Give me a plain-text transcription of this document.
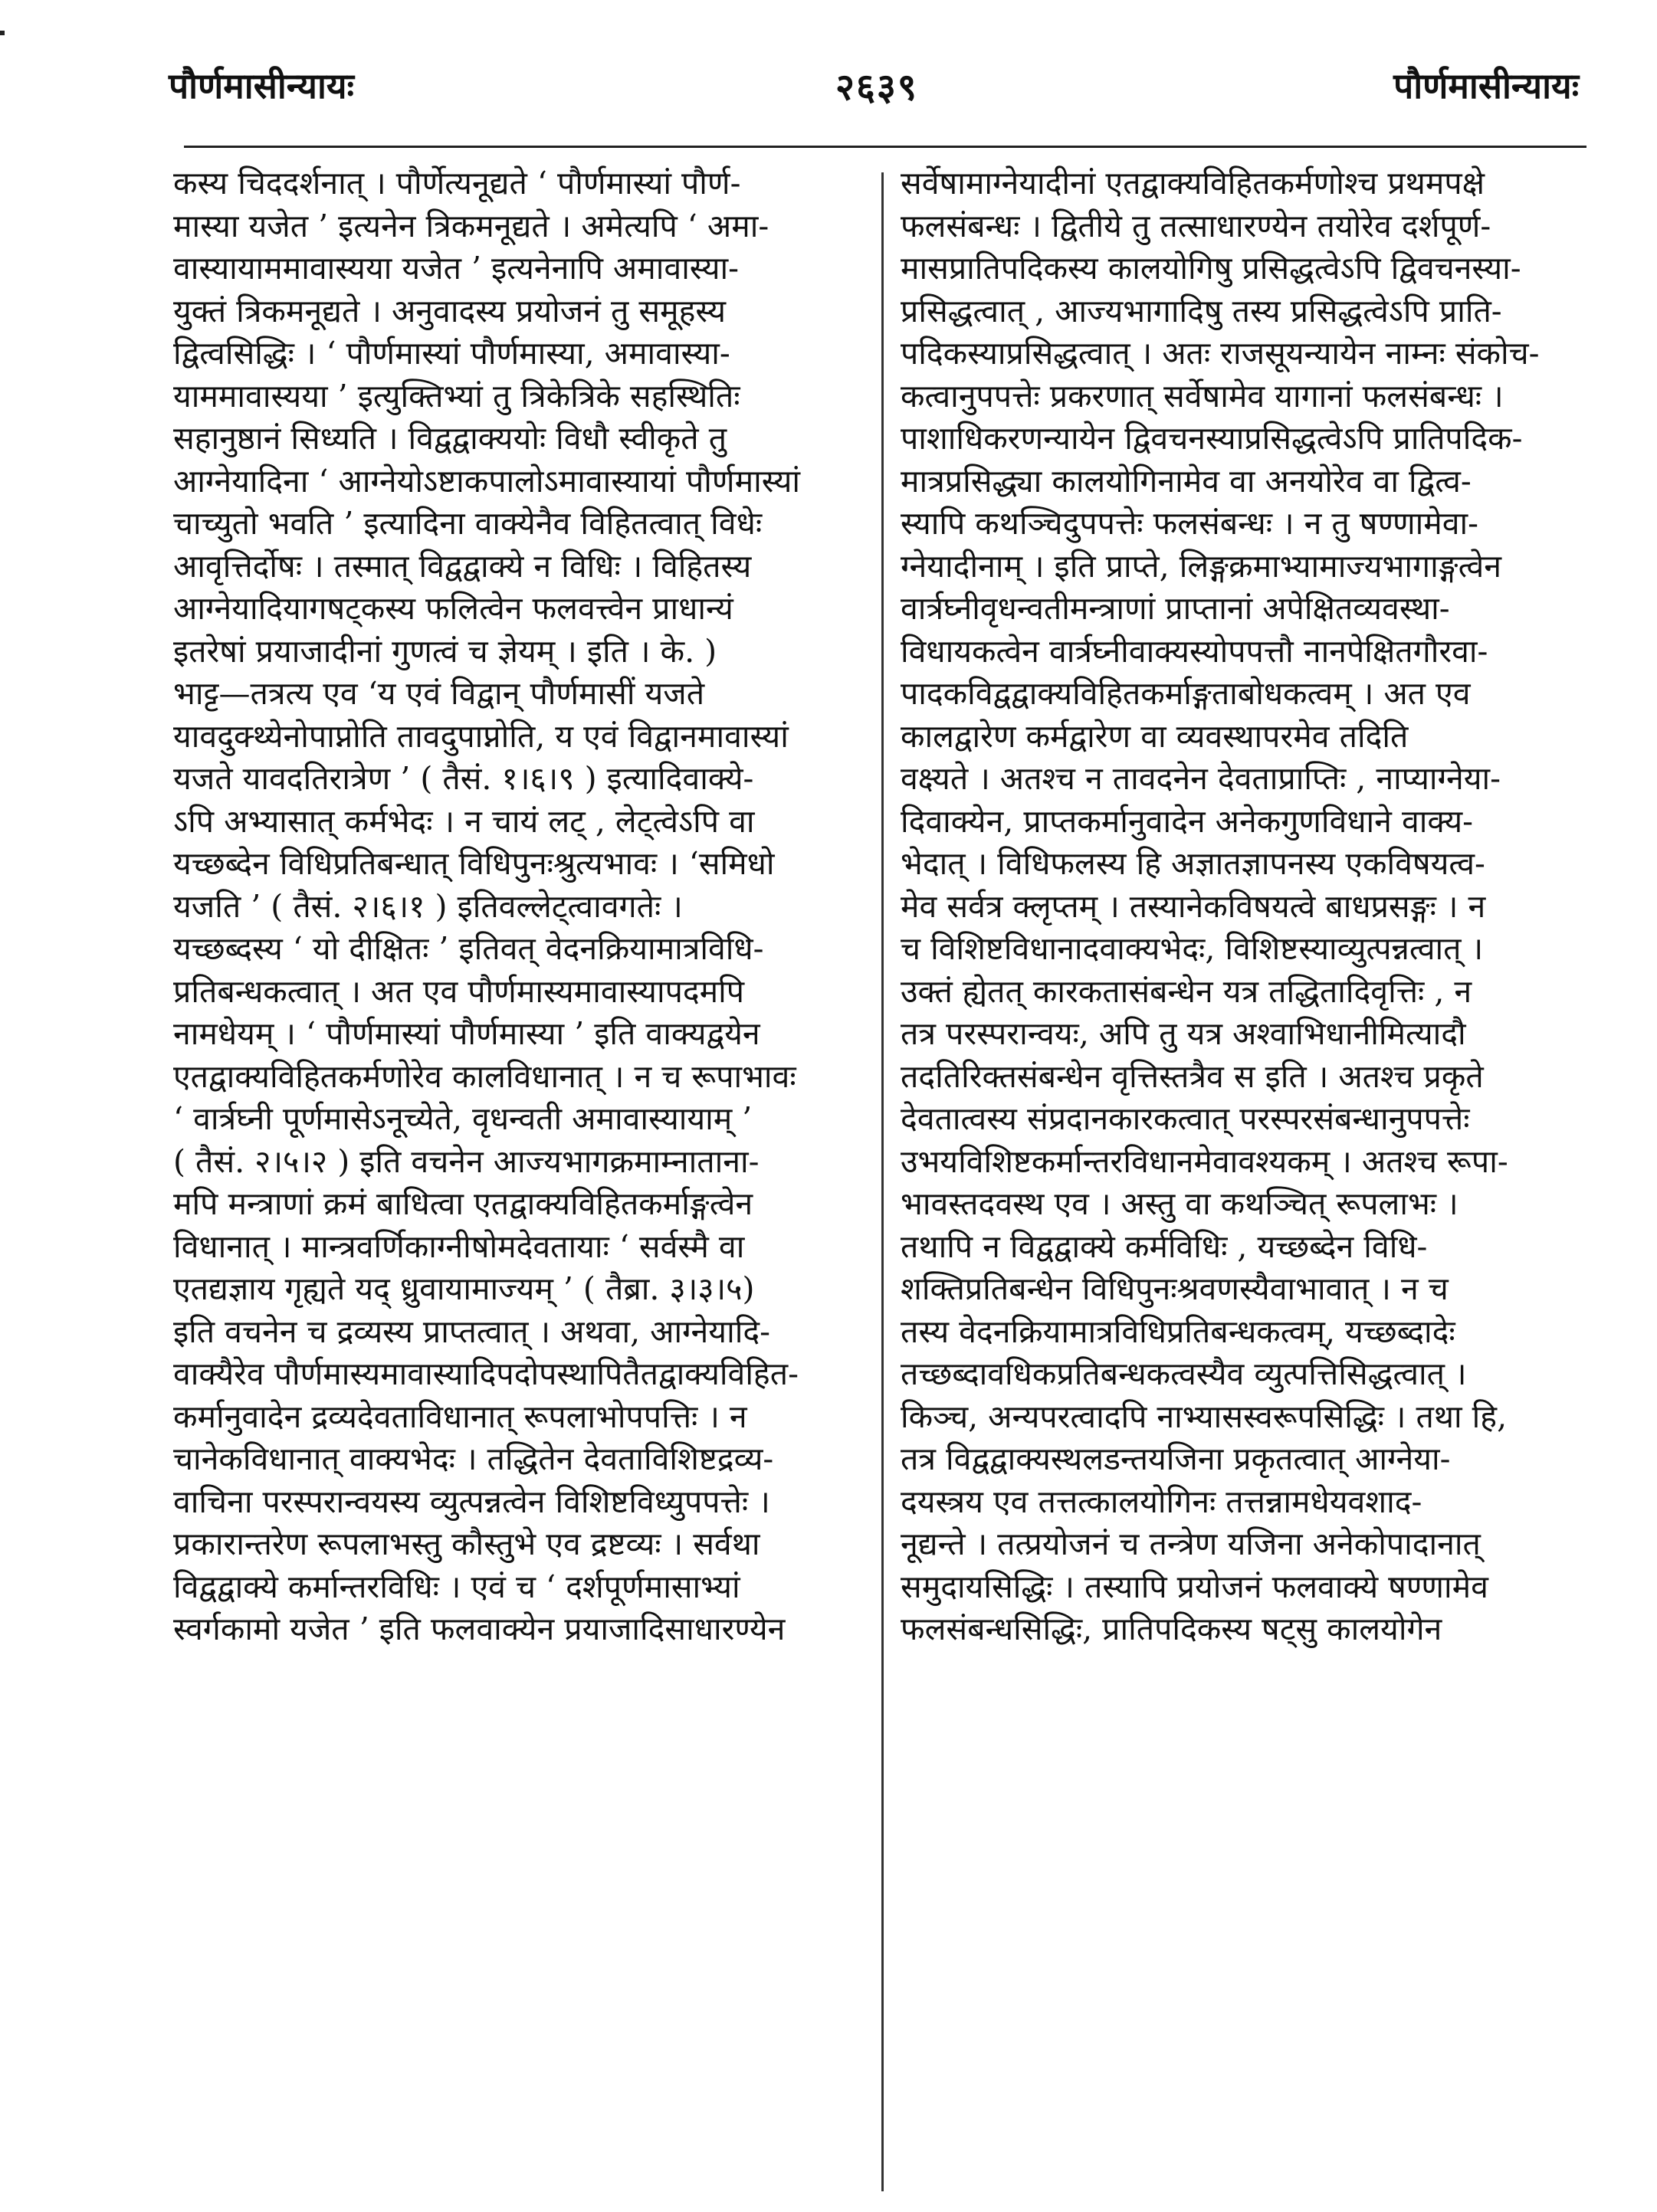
पौर्णमासीन्यायः	२६३९	पौर्णमासीन्यायः
कस्य चिददर्शनात् । पौर्णेत्यनूद्यते ‘ पौर्णमास्यां पौर्ण-
मास्या यजेत ’ इत्यनेन त्रिकमनूद्यते । अमेत्यपि ‘ अमा-
वास्यायाममावास्यया यजेत ’ इत्यनेनापि अमावास्या-
युक्तं त्रिकमनूद्यते । अनुवादस्य प्रयोजनं तु समूहस्य
द्वित्वसिद्धिः । ‘ पौर्णमास्यां पौर्णमास्या, अमावास्या-
याममावास्यया ’ इत्युक्तिभ्यां तु त्रिकेत्रिके सहस्थितिः
सहानुष्ठानं सिध्यति । विद्वद्वाक्ययोः विधौ स्वीकृते तु
आग्नेयादिना ‘ आग्नेयोऽष्टाकपालोऽमावास्यायां पौर्णमास्यां
चाच्युतो भवति ’ इत्यादिना वाक्येनैव विहितत्वात् विधेः
आवृत्तिर्दोषः । तस्मात् विद्वद्वाक्ये न विधिः । विहितस्य
आग्नेयादियागषट्कस्य फलित्वेन फलवत्त्वेन प्राधान्यं
इतरेषां प्रयाजादीनां गुणत्वं च ज्ञेयम् । इति । के. )
भाट्ट—तत्रत्य एव ‘य एवं विद्वान् पौर्णमासीं यजते
यावदुक्थ्येनोपाप्नोति तावदुपाप्नोति, य एवं विद्वानमावास्यां
यजते यावदतिरात्रेण ’ ( तैसं. १।६।९ ) इत्यादिवाक्ये-
ऽपि अभ्यासात् कर्मभेदः । न चायं लट् , लेट्त्वेऽपि वा
यच्छब्देन विधिप्रतिबन्धात् विधिपुनःश्रुत्यभावः । ‘समिधो
यजति ’ ( तैसं. २।६।१ ) इतिवल्लेट्त्वावगतेः ।
यच्छब्दस्य ‘ यो दीक्षितः ’ इतिवत् वेदनक्रियामात्रविधि-
प्रतिबन्धकत्वात् । अत एव पौर्णमास्यमावास्यापदमपि
नामधेयम् । ‘ पौर्णमास्यां पौर्णमास्या ’ इति वाक्यद्वयेन
एतद्वाक्यविहितकर्मणोरेव कालविधानात् । न च रूपाभावः
‘ वार्त्रघ्नी पूर्णमासेऽनूच्येते, वृधन्वती अमावास्यायाम् ’
( तैसं. २।५।२ ) इति वचनेन आज्यभागक्रमाम्नाताना-
मपि मन्त्राणां क्रमं बाधित्वा एतद्वाक्यविहितकर्माङ्गत्वेन
विधानात् । मान्त्रवर्णिकाग्नीषोमदेवतायाः ‘ सर्वस्मै वा
एतद्यज्ञाय गृह्यते यद् ध्रुवायामाज्यम् ’ ( तैब्रा. ३।३।५)
इति वचनेन च द्रव्यस्य प्राप्तत्वात् । अथवा, आग्नेयादि-
वाक्यैरेव पौर्णमास्यमावास्यादिपदोपस्थापितैतद्वाक्यविहित-
कर्मानुवादेन द्रव्यदेवताविधानात् रूपलाभोपपत्तिः । न
चानेकविधानात् वाक्यभेदः । तद्धितेन देवताविशिष्टद्रव्य-
वाचिना परस्परान्वयस्य व्युत्पन्नत्वेन विशिष्टविध्युपपत्तेः ।
प्रकारान्तरेण रूपलाभस्तु कौस्तुभे एव द्रष्टव्यः । सर्वथा
विद्वद्वाक्ये कर्मान्तरविधिः । एवं च ‘ दर्शपूर्णमासाभ्यां
स्वर्गकामो यजेत ’ इति फलवाक्येन प्रयाजादिसाधारण्येन
सर्वेषामाग्नेयादीनां एतद्वाक्यविहितकर्मणोश्च प्रथमपक्षे
फलसंबन्धः । द्वितीये तु तत्साधारण्येन तयोरेव दर्शपूर्ण-
मासप्रातिपदिकस्य कालयोगिषु प्रसिद्धत्वेऽपि द्विवचनस्या-
प्रसिद्धत्वात् , आज्यभागादिषु तस्य प्रसिद्धत्वेऽपि प्राति-
पदिकस्याप्रसिद्धत्वात् । अतः राजसूयन्यायेन नाम्नः संकोच-
कत्वानुपपत्तेः प्रकरणात् सर्वेषामेव यागानां फलसंबन्धः ।
पाशाधिकरणन्यायेन द्विवचनस्याप्रसिद्धत्वेऽपि प्रातिपदिक-
मात्रप्रसिद्ध्या कालयोगिनामेव वा अनयोरेव वा द्वित्व-
स्यापि कथञ्चिदुपपत्तेः फलसंबन्धः । न तु षण्णामेवा-
ग्नेयादीनाम् । इति प्राप्ते, लिङ्गक्रमाभ्यामाज्यभागाङ्गत्वेन
वार्त्रघ्नीवृधन्वतीमन्त्राणां प्राप्तानां अपेक्षितव्यवस्था-
विधायकत्वेन वार्त्रघ्नीवाक्यस्योपपत्तौ नानपेक्षितगौरवा-
पादकविद्वद्वाक्यविहितकर्माङ्गताबोधकत्वम् । अत एव
कालद्वारेण कर्मद्वारेण वा व्यवस्थापरमेव तदिति
वक्ष्यते । अतश्च न तावदनेन देवताप्राप्तिः , नाप्याग्नेया-
दिवाक्येन, प्राप्तकर्मानुवादेन अनेकगुणविधाने वाक्य-
भेदात् । विधिफलस्य हि अज्ञातज्ञापनस्य एकविषयत्व-
मेव सर्वत्र क्लृप्तम् । तस्यानेकविषयत्वे बाधप्रसङ्गः । न
च विशिष्टविधानादवाक्यभेदः, विशिष्टस्याव्युत्पन्नत्वात् ।
उक्तं ह्येतत् कारकतासंबन्धेन यत्र तद्धितादिवृत्तिः , न
तत्र परस्परान्वयः, अपि तु यत्र अश्वाभिधानीमित्यादौ
तदतिरिक्तसंबन्धेन वृत्तिस्तत्रैव स इति । अतश्च प्रकृते
देवतात्वस्य संप्रदानकारकत्वात् परस्परसंबन्धानुपपत्तेः
उभयविशिष्टकर्मान्तरविधानमेवावश्यकम् । अतश्च रूपा-
भावस्तदवस्थ एव । अस्तु वा कथञ्चित् रूपलाभः ।
तथापि न विद्वद्वाक्ये कर्मविधिः , यच्छब्देन विधि-
शक्तिप्रतिबन्धेन विधिपुनःश्रवणस्यैवाभावात् । न च
तस्य वेदनक्रियामात्रविधिप्रतिबन्धकत्वम्, यच्छब्दादेः
तच्छब्दावधिकप्रतिबन्धकत्वस्यैव व्युत्पत्तिसिद्धत्वात् ।
किञ्च, अन्यपरत्वादपि नाभ्यासस्वरूपसिद्धिः । तथा हि,
तत्र विद्वद्वाक्यस्थलडन्तयजिना प्रकृतत्वात् आग्नेया-
दयस्त्रय एव तत्तत्कालयोगिनः तत्तन्नामधेयवशाद-
नूद्यन्ते । तत्प्रयोजनं च तन्त्रेण यजिना अनेकोपादानात्
समुदायसिद्धिः । तस्यापि प्रयोजनं फलवाक्ये षण्णामेव
फलसंबन्धसिद्धिः, प्रातिपदिकस्य षट्सु कालयोगेन
